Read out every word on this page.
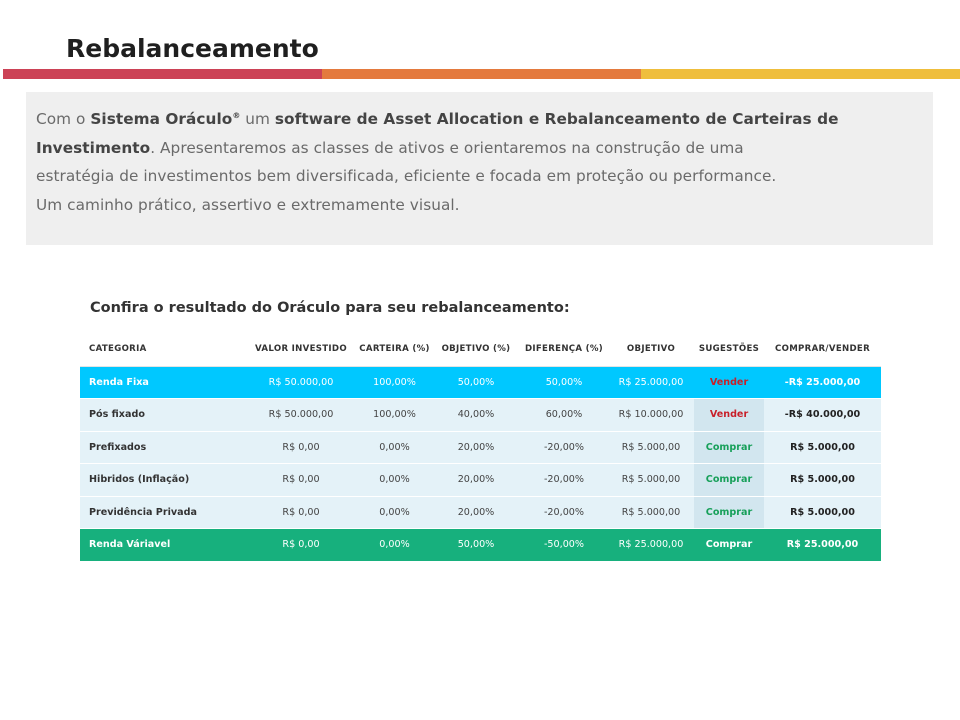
Rebalanceamento
Com o Sistema Oráculo® um software de Asset Allocation e Rebalanceamento de Carteiras de
Investimento. Apresentaremos as classes de ativos e orientaremos na construção de uma
estratégia de investimentos bem diversificada, eficiente e focada em proteção ou performance.
Um caminho prático, assertivo e extremamente visual.
Confira o resultado do Oráculo para seu rebalanceamento:
CATEGORIA	VALOR INVESTIDO	CARTEIRA (%)	OBJETIVO (%)	DIFERENÇA (%)	OBJETIVO	SUGESTÕES	COMPRAR/VENDER
Renda Fixa	R$ 50.000,00	100,00%	50,00%	50,00%	R$ 25.000,00	Vender	-R$ 25.000,00
Pós fixado	R$ 50.000,00	100,00%	40,00%	60,00%	R$ 10.000,00	Vender	-R$ 40.000,00
Prefixados	R$ 0,00	0,00%	20,00%	-20,00%	R$ 5.000,00	Comprar	R$ 5.000,00
Hibridos (Inflação)	R$ 0,00	0,00%	20,00%	-20,00%	R$ 5.000,00	Comprar	R$ 5.000,00
Previdência Privada	R$ 0,00	0,00%	20,00%	-20,00%	R$ 5.000,00	Comprar	R$ 5.000,00
Renda Váriavel	R$ 0,00	0,00%	50,00%	-50,00%	R$ 25.000,00	Comprar	R$ 25.000,00
